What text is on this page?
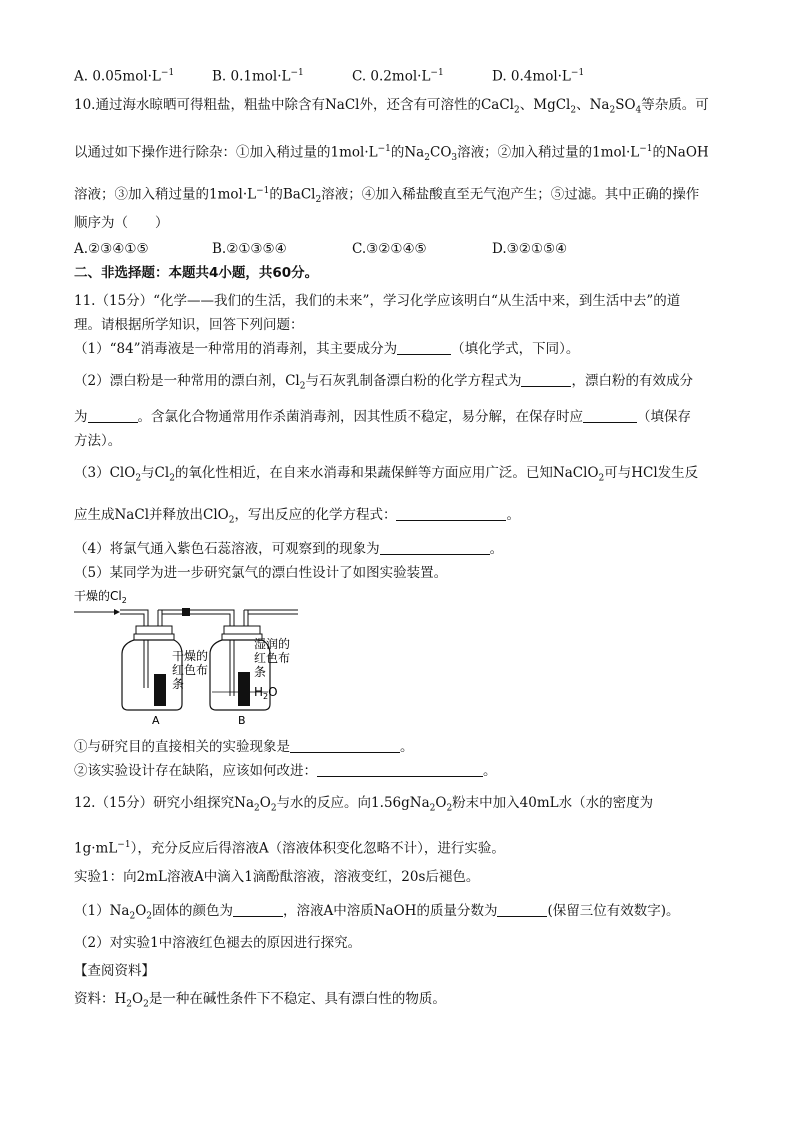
A. $0.05mol\cdot L^{-1}$	B. $0.1mol\cdot L^{-1}$	C. $0.2mol\cdot L^{-1}$	D. $0.4mol\cdot L^{-1}$
10.通过海水晾晒可得粗盐，粗盐中除含有NaCl外，还含有可溶性的CaCl$_2$、MgCl$_2$、$Na_2SO_4$等杂质。可
以通过如下操作进行除杂：①加入稍过量的$1mol\cdot L^{-1}$的$Na_2CO_3$溶液；②加入稍过量的$1mol\cdot L^{-1}$的NaOH
溶液；③加入稍过量的$1mol\cdot L^{-1}$的BaCl$_2$溶液；④加入稀盐酸直至无气泡产生；⑤过滤。其中正确的操作
顺序为（　　）
A.②③④①⑤	B.②①③⑤④	C.③②①④⑤	D.③②①⑤④
二、非选择题：本题共4小题，共60分。
11.（15分）“化学——我们的生活，我们的未来”，学习化学应该明白“从生活中来，到生活中去”的道
理。请根据所学知识，回答下列问题：
（1）“84”消毒液是一种常用的消毒剂，其主要成分为	（填化学式，下同）。
（2）漂白粉是一种常用的漂白剂，$Cl_2$与石灰乳制备漂白粉的化学方程式为	，漂白粉的有效成分
为	。含氯化合物通常用作杀菌消毒剂，因其性质不稳定，易分解，在保存时应	（填保存
方法）。
（3）ClO$_2$与$Cl_2$的氧化性相近，在自来水消毒和果蔬保鲜等方面应用广泛。已知NaClO$_2$可与HCl发生反
应生成NaCl并释放出ClO$_2$，写出反应的化学方程式：	。
（4）将氯气通入紫色石蕊溶液，可观察到的现象为	。
（5）某同学为进一步研究氯气的漂白性设计了如图实验装置。
干燥的$Cl_2$
A
干燥的
红色布
条
B
湿润的
红色布
条
$H_2O$
①与研究目的直接相关的实验现象是	。
②该实验设计存在缺陷，应该如何改进：	。
12.（15分）研究小组探究$Na_2O_2$与水的反应。向$1.56gNa_2O_2$粉末中加入40mL水（水的密度为
$1g\cdot mL^{-1}$），充分反应后得溶液A（溶液体积变化忽略不计），进行实验。
实验1：向2mL溶液A中滴入1滴酚酞溶液，溶液变红，20s后褪色。
$(1)Na_2O_2$固体的颜色为	，溶液A中溶质NaOH的质量分数为	(保留三位有效数字)。
（2）对实验1中溶液红色褪去的原因进行探究。
【查阅资料】
资料：$H_2O_2$是一种在碱性条件下不稳定、具有漂白性的物质。
